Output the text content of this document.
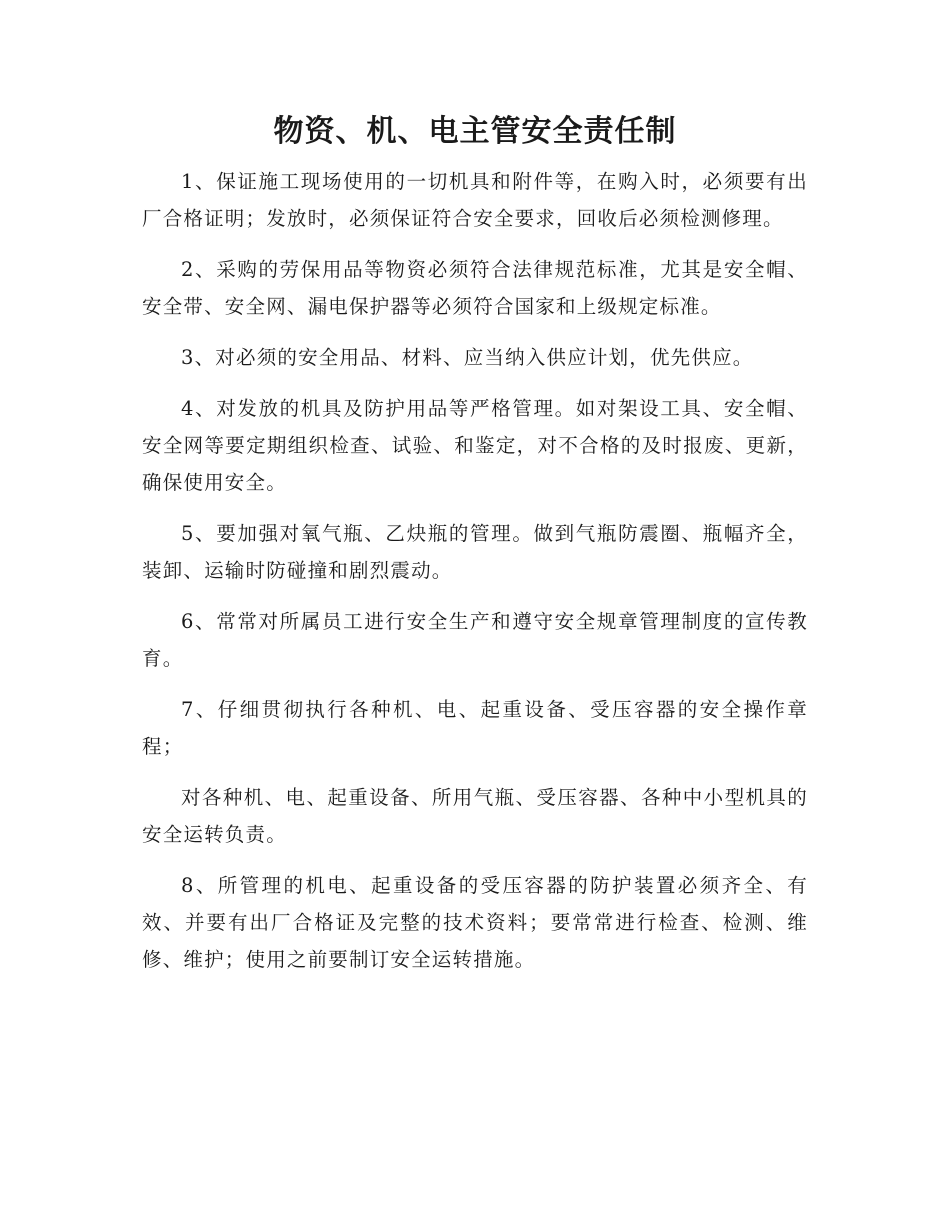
物资、机、电主管安全责任制

1、保证施工现场使用的一切机具和附件等，在购入时，必须要有出厂合格证明；发放时，必须保证符合安全要求，回收后必须检测修理。

2、采购的劳保用品等物资必须符合法律规范标准，尤其是安全帽、安全带、安全网、漏电保护器等必须符合国家和上级规定标准。

3、对必须的安全用品、材料、应当纳入供应计划，优先供应。

4、对发放的机具及防护用品等严格管理。如对架设工具、安全帽、安全网等要定期组织检查、试验、和鉴定，对不合格的及时报废、更新，确保使用安全。

5、要加强对氧气瓶、乙炔瓶的管理。做到气瓶防震圈、瓶幅齐全，装卸、运输时防碰撞和剧烈震动。

6、常常对所属员工进行安全生产和遵守安全规章管理制度的宣传教育。

7、仔细贯彻执行各种机、电、起重设备、受压容器的安全操作章程；

对各种机、电、起重设备、所用气瓶、受压容器、各种中小型机具的安全运转负责。

8、所管理的机电、起重设备的受压容器的防护装置必须齐全、有效、并要有出厂合格证及完整的技术资料；要常常进行检查、检测、维修、维护；使用之前要制订安全运转措施。
